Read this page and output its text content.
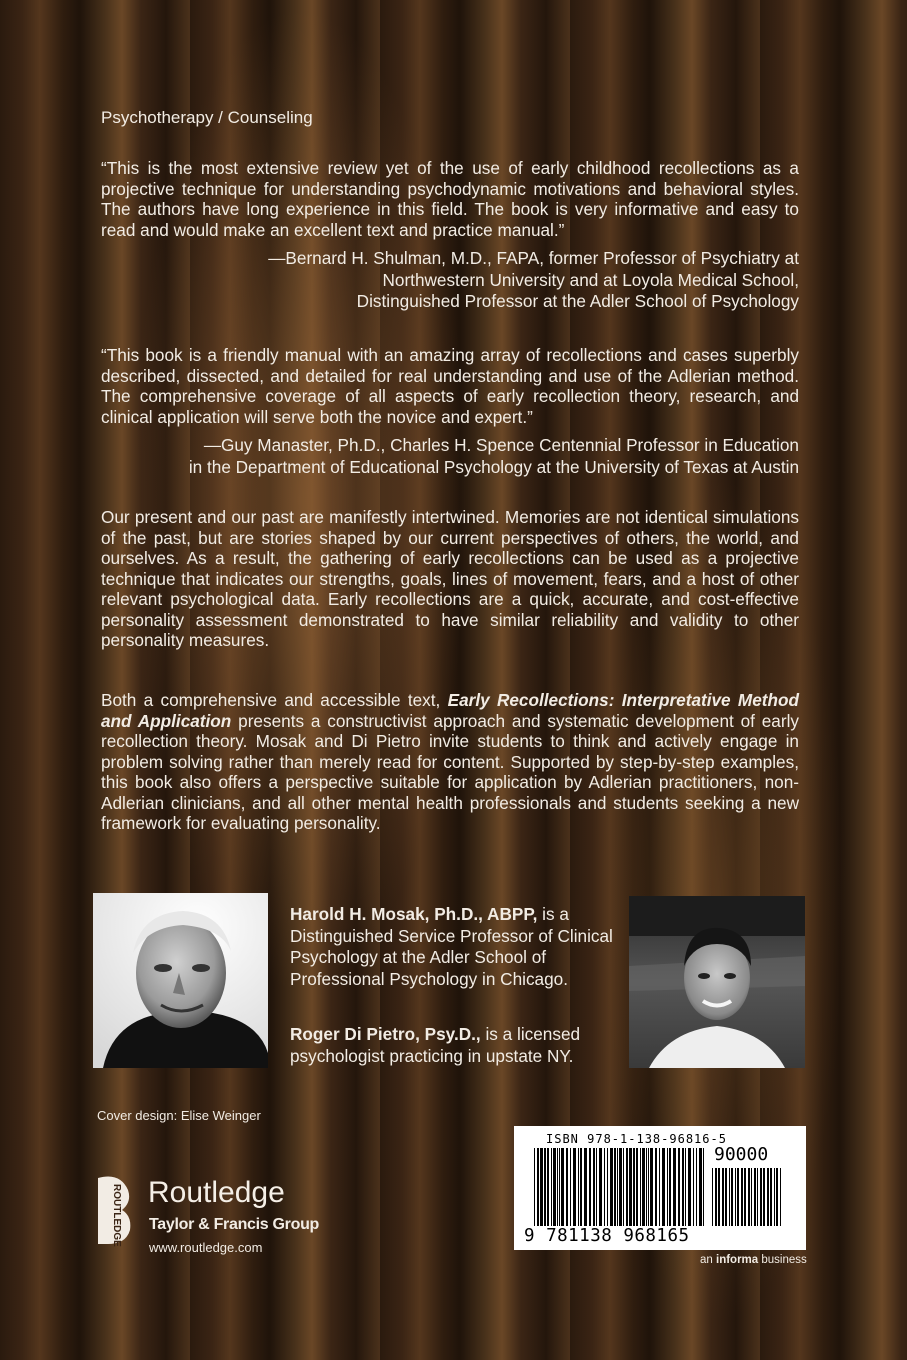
Psychotherapy / Counseling

“This is the most extensive review yet of the use of early childhood recollections as a projective technique for understanding psychodynamic motivations and behavioral styles. The authors have long experience in this field. The book is very informative and easy to read and would make an excellent text and practice manual.”

—Bernard H. Shulman, M.D., FAPA, former Professor of Psychiatry at
Northwestern University and at Loyola Medical School,
Distinguished Professor at the Adler School of Psychology

“This book is a friendly manual with an amazing array of recollections and cases superbly described, dissected, and detailed for real understanding and use of the Adlerian method. The comprehensive coverage of all aspects of early recollection theory, research, and clinical application will serve both the novice and expert.”

—Guy Manaster, Ph.D., Charles H. Spence Centennial Professor in Education
in the Department of Educational Psychology at the University of Texas at Austin

Our present and our past are manifestly intertwined. Memories are not identical simulations of the past, but are stories shaped by our current perspectives of others, the world, and ourselves. As a result, the gathering of early recollections can be used as a projective technique that indicates our strengths, goals, lines of movement, fears, and a host of other relevant psychological data. Early recollections are a quick, accurate, and cost-effective personality assessment demonstrated to have similar reliability and validity to other personality measures.

Both a comprehensive and accessible text, Early Recollections: Interpretative Method and Application presents a constructivist approach and systematic development of early recollection theory. Mosak and Di Pietro invite students to think and actively engage in problem solving rather than merely read for content. Supported by step-by-step examples, this book also offers a perspective suitable for application by Adlerian practitioners, non-Adlerian clinicians, and all other mental health professionals and students seeking a new framework for evaluating personality.

Harold H. Mosak, Ph.D., ABPP, is a Distinguished Service Professor of Clinical Psychology at the Adler School of Professional Psychology in Chicago.

Roger Di Pietro, Psy.D., is a licensed psychologist practicing in upstate NY.

Cover design: Elise Weinger

ROUTLEDGE Routledge

Taylor & Francis Group

www.routledge.com

ISBN 978-1-138-96816-5
90000
9 781138 968165

an informa business
